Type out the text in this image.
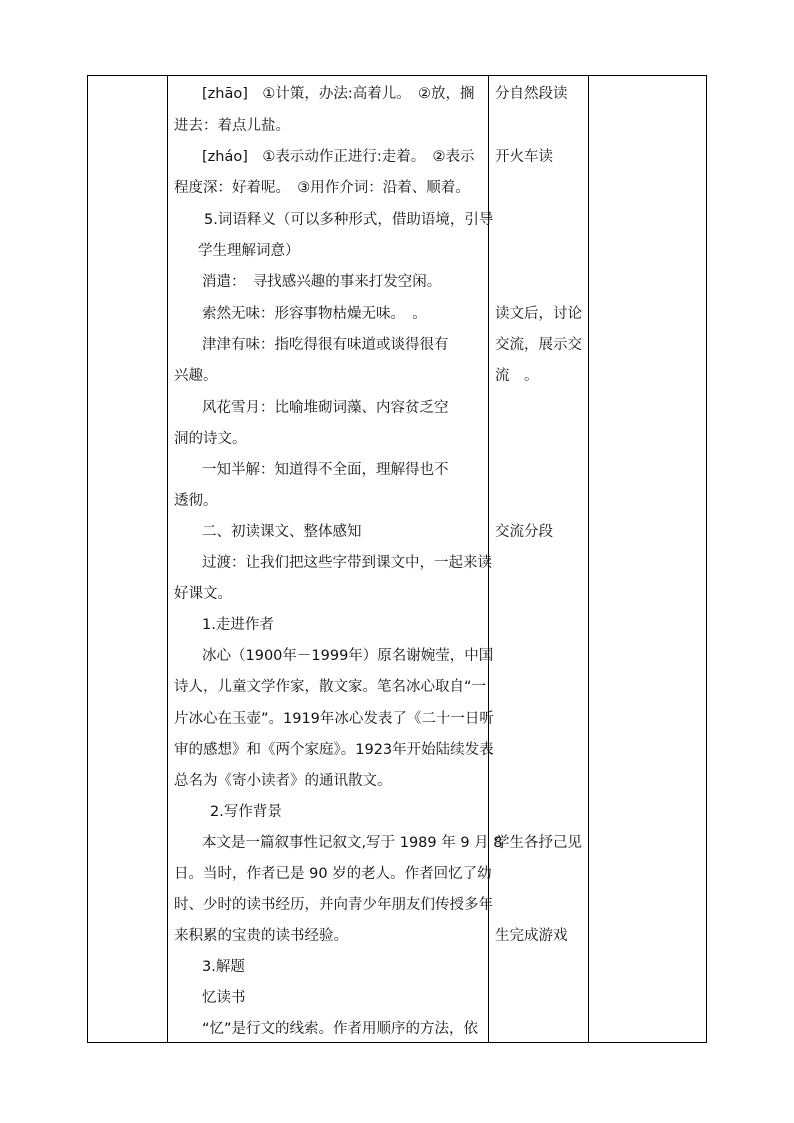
[zhāo]　①计策，办法:高着儿。　②放，搁
进去：着点儿盐。
[zháo]　①表示动作正进行:走着。　②表示
程度深：好着呢。　③用作介词：沿着、顺着。
5.词语释义（可以多种形式，借助语境，引导
学生理解词意）
消遣：　寻找感兴趣的事来打发空闲。
索然无味：形容事物枯燥无味。　。
津津有味：指吃得很有味道或谈得很有
兴趣。
风花雪月：比喻堆砌词藻、内容贫乏空
洞的诗文。
一知半解：知道得不全面，理解得也不
透彻。
二、初读课文、整体感知
过渡：让我们把这些字带到课文中，一起来读
好课文。
1.走进作者
冰心（1900年－1999年）原名谢婉莹，中国
诗人，儿童文学作家，散文家。笔名冰心取自“一
片冰心在玉壶”。1919年冰心发表了《二十一日听
审的感想》和《两个家庭》。1923年开始陆续发表
总名为《寄小读者》的通讯散文。
2.写作背景
本文是一篇叙事性记叙文,写于 1989 年 9 月 8
日。当时，作者已是 90 岁的老人。作者回忆了幼
时、少时的读书经历，并向青少年朋友们传授多年
来积累的宝贵的读书经验。
3.解题
忆读书
“忆”是行文的线索。作者用顺序的方法，依
分自然段读
开火车读
读文后，讨论
交流，展示交
流　。
交流分段
学生各抒己见
生完成游戏
